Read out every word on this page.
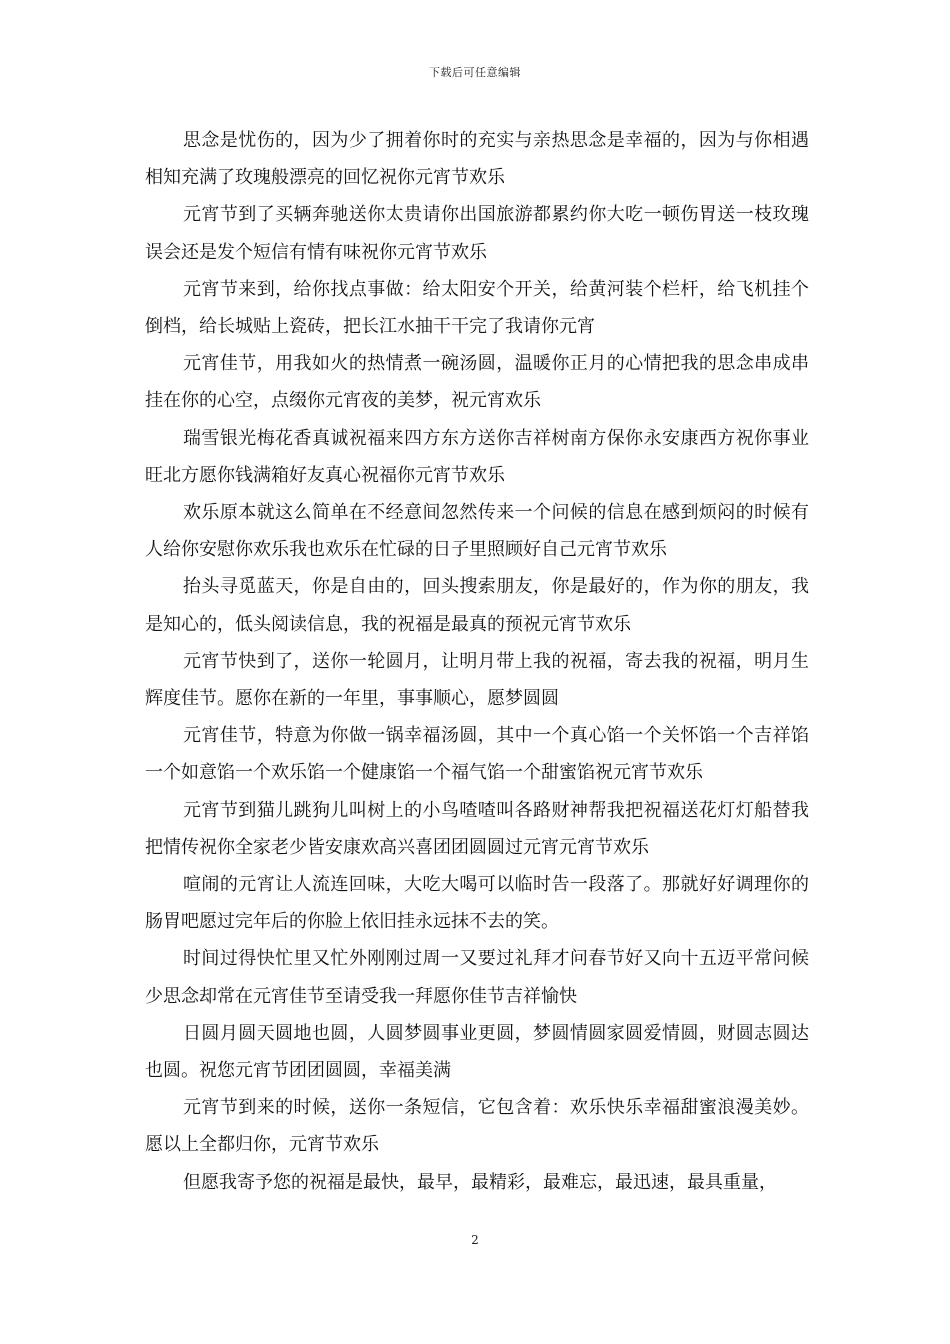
下载后可任意编辑

思念是忧伤的，因为少了拥着你时的充实与亲热思念是幸福的，因为与你相遇相知充满了玫瑰般漂亮的回忆祝你元宵节欢乐

元宵节到了买辆奔驰送你太贵请你出国旅游都累约你大吃一顿伤胃送一枝玫瑰误会还是发个短信有情有味祝你元宵节欢乐

元宵节来到，给你找点事做：给太阳安个开关，给黄河装个栏杆，给飞机挂个倒档，给长城贴上瓷砖，把长江水抽干干完了我请你元宵

元宵佳节，用我如火的热情煮一碗汤圆，温暖你正月的心情把我的思念串成串挂在你的心空，点缀你元宵夜的美梦，祝元宵欢乐

瑞雪银光梅花香真诚祝福来四方东方送你吉祥树南方保你永安康西方祝你事业旺北方愿你钱满箱好友真心祝福你元宵节欢乐

欢乐原本就这么简单在不经意间忽然传来一个问候的信息在感到烦闷的时候有人给你安慰你欢乐我也欢乐在忙碌的日子里照顾好自己元宵节欢乐

抬头寻觅蓝天，你是自由的，回头搜索朋友，你是最好的，作为你的朋友，我是知心的，低头阅读信息，我的祝福是最真的预祝元宵节欢乐

元宵节快到了，送你一轮圆月，让明月带上我的祝福，寄去我的祝福，明月生辉度佳节。愿你在新的一年里，事事顺心，愿梦圆圆

元宵佳节，特意为你做一锅幸福汤圆，其中一个真心馅一个关怀馅一个吉祥馅一个如意馅一个欢乐馅一个健康馅一个福气馅一个甜蜜馅祝元宵节欢乐

元宵节到猫儿跳狗儿叫树上的小鸟喳喳叫各路财神帮我把祝福送花灯灯船替我把情传祝你全家老少皆安康欢高兴喜团团圆圆过元宵元宵节欢乐

喧闹的元宵让人流连回味，大吃大喝可以临时告一段落了。那就好好调理你的肠胃吧愿过完年后的你脸上依旧挂永远抹不去的笑。

时间过得快忙里又忙外刚刚过周一又要过礼拜才问春节好又向十五迈平常问候少思念却常在元宵佳节至请受我一拜愿你佳节吉祥愉快

日圆月圆天圆地也圆，人圆梦圆事业更圆，梦圆情圆家圆爱情圆，财圆志圆达也圆。祝您元宵节团团圆圆，幸福美满

元宵节到来的时候，送你一条短信，它包含着：欢乐快乐幸福甜蜜浪漫美妙。愿以上全都归你，元宵节欢乐

但愿我寄予您的祝福是最快，最早，最精彩，最难忘，最迅速，最具重量，

2
